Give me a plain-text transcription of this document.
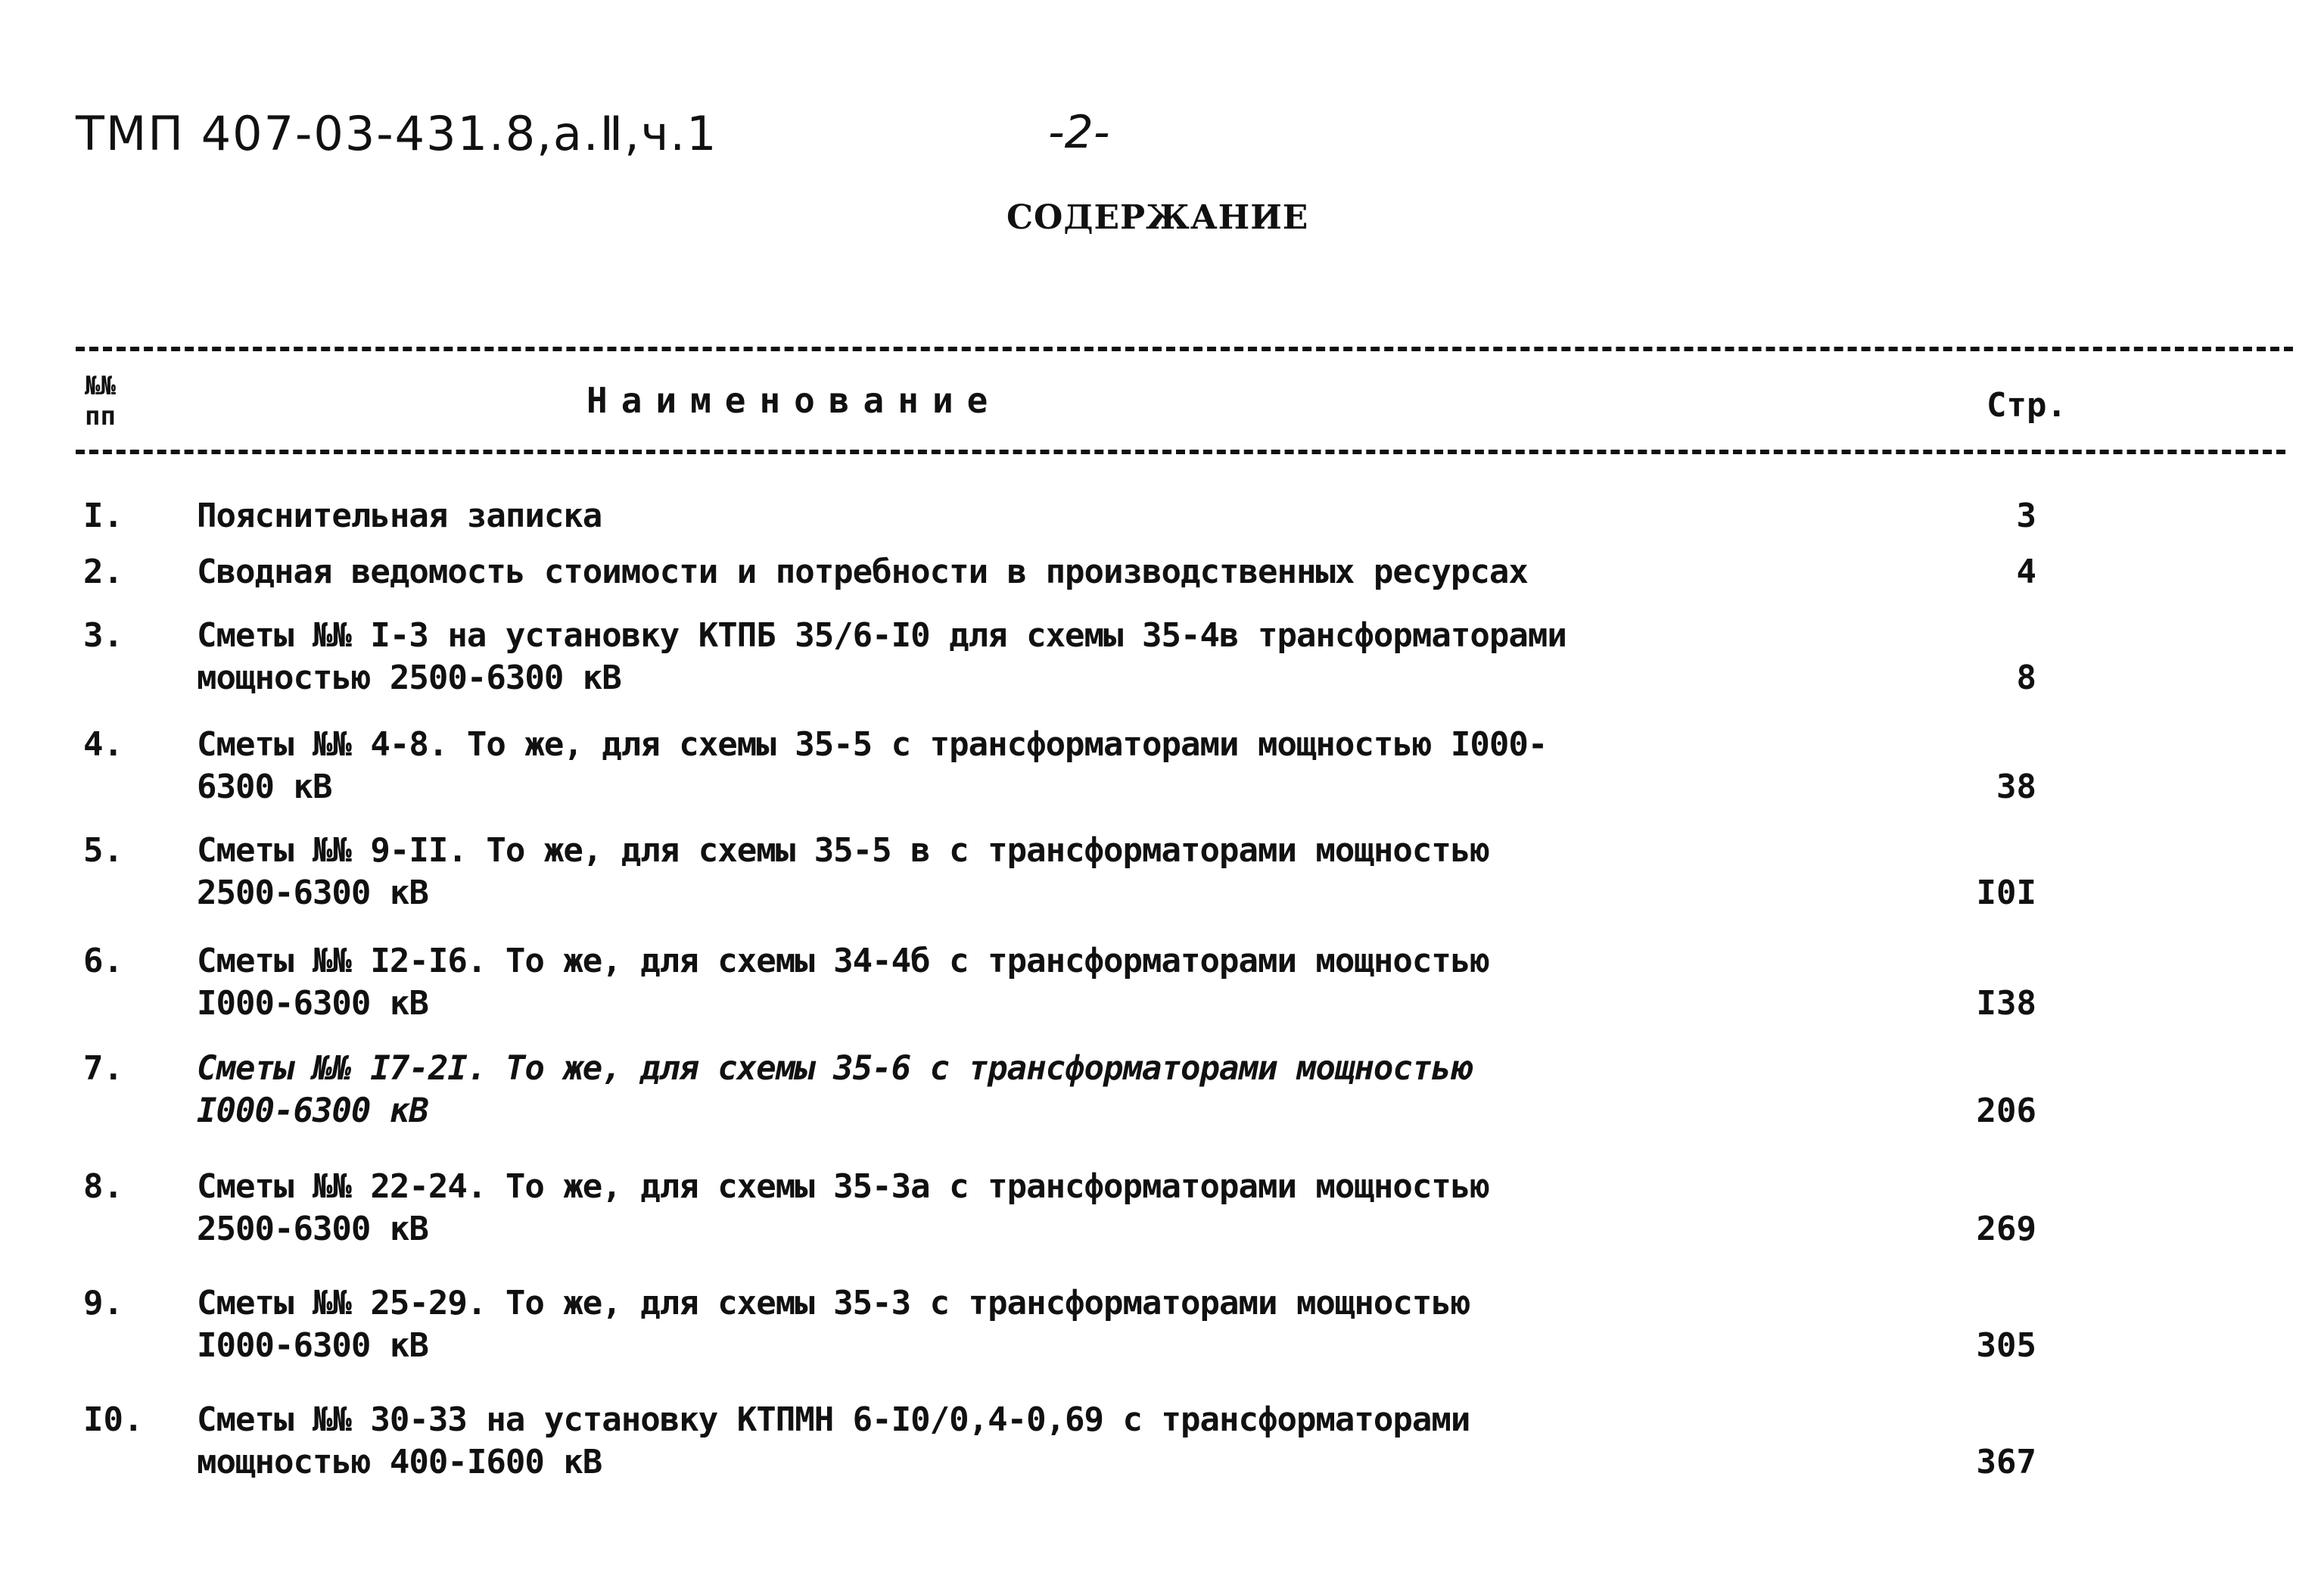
ТМП 407-03-431.8,а.Ⅱ,ч.1	-2-
СОДЕРЖАНИЕ
№№
пп	Наименование	Стр.
I. Пояснительная записка	3
2. Сводная ведомость стоимости и потребности в производственных ресурсах	4
3. Сметы №№ I-3 на установку КТПБ 35/6-I0 для схемы 35-4в трансформаторами
мощностью 2500-6300 кВ	8
4. Сметы №№ 4-8. То же, для схемы 35-5 с трансформаторами мощностью I000-
6300 кВ	38
5. Сметы №№ 9-II. То же, для схемы 35-5 в с трансформаторами мощностью
2500-6300 кВ	I0I
6. Сметы №№ I2-I6. То же, для схемы 34-4б с трансформаторами мощностью
I000-6300 кВ	I38
7. Сметы №№ I7-2I. То же, для схемы 35-6 с трансформаторами мощностью
I000-6300 кВ	206
8. Сметы №№ 22-24. То же, для схемы 35-3а с трансформаторами мощностью
2500-6300 кВ	269
9. Сметы №№ 25-29. То же, для схемы 35-3 с трансформаторами мощностью
I000-6300 кВ	305
I0. Сметы №№ 30-33 на установку КТПМН 6-I0/0,4-0,69 с трансформаторами
мощностью 400-I600 кВ	367
